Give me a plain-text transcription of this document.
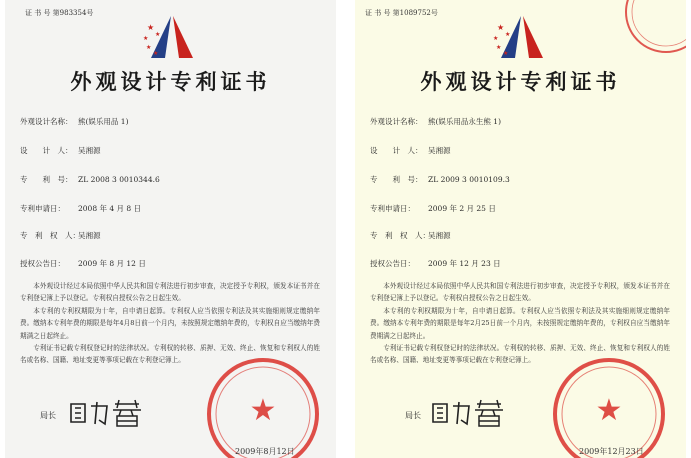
证 书 号 第983354号
★
★
★
★
★
外观设计专利证书
外观设计名称： 熊(娱乐用品 1)
设　　计　人： 吴湘源
专　　利　号： ZL 2008 3 0010344.6
专利申请日： 2008 年 4 月 8 日
专　利　权　人：吴湘源
授权公告日： 2009 年 8 月 12 日

本外观设计经过本局依照中华人民共和国专利法进行初步审查，决定授予专利权，颁发本证书并在专利登记簿上予以登记。专利权自授权公告之日起生效。

本专利的专利权期限为十年，自申请日起算。专利权人应当依照专利法及其实施细则规定缴纳年费。缴纳本专利年费的期限是每年4月8日前一个月内，未按照规定缴纳年费的，专利权自应当缴纳年费期满之日起终止。

专利证书记载专利权登记时的法律状况。专利权的转移、质押、无效、终止、恢复和专利权人的姓名或名称、国籍、地址变更等事项记载在专利登记簿上。

局长	★
2009年8月12日
证 书 号 第1089752号
★
★
★
★
★
外观设计专利证书
外观设计名称： 熊(娱乐用品永生熊 1)
设　　计　人： 吴湘源
专　　利　号： ZL 2009 3 0010109.3
专利申请日： 2009 年 2 月 25 日
专　利　权　人：吴湘源
授权公告日： 2009 年 12 月 23 日

本外观设计经过本局依照中华人民共和国专利法进行初步审查，决定授予专利权，颁发本证书并在专利登记簿上予以登记。专利权自授权公告之日起生效。

本专利的专利权期限为十年，自申请日起算。专利权人应当依照专利法及其实施细则规定缴纳年费。缴纳本专利年费的期限是每年2月25日前一个月内，未按照规定缴纳年费的，专利权自应当缴纳年费期满之日起终止。

专利证书记载专利权登记时的法律状况。专利权的转移、质押、无效、终止、恢复和专利权人的姓名或名称、国籍、地址变更等事项记载在专利登记簿上。

局长	★
2009年12月23日
